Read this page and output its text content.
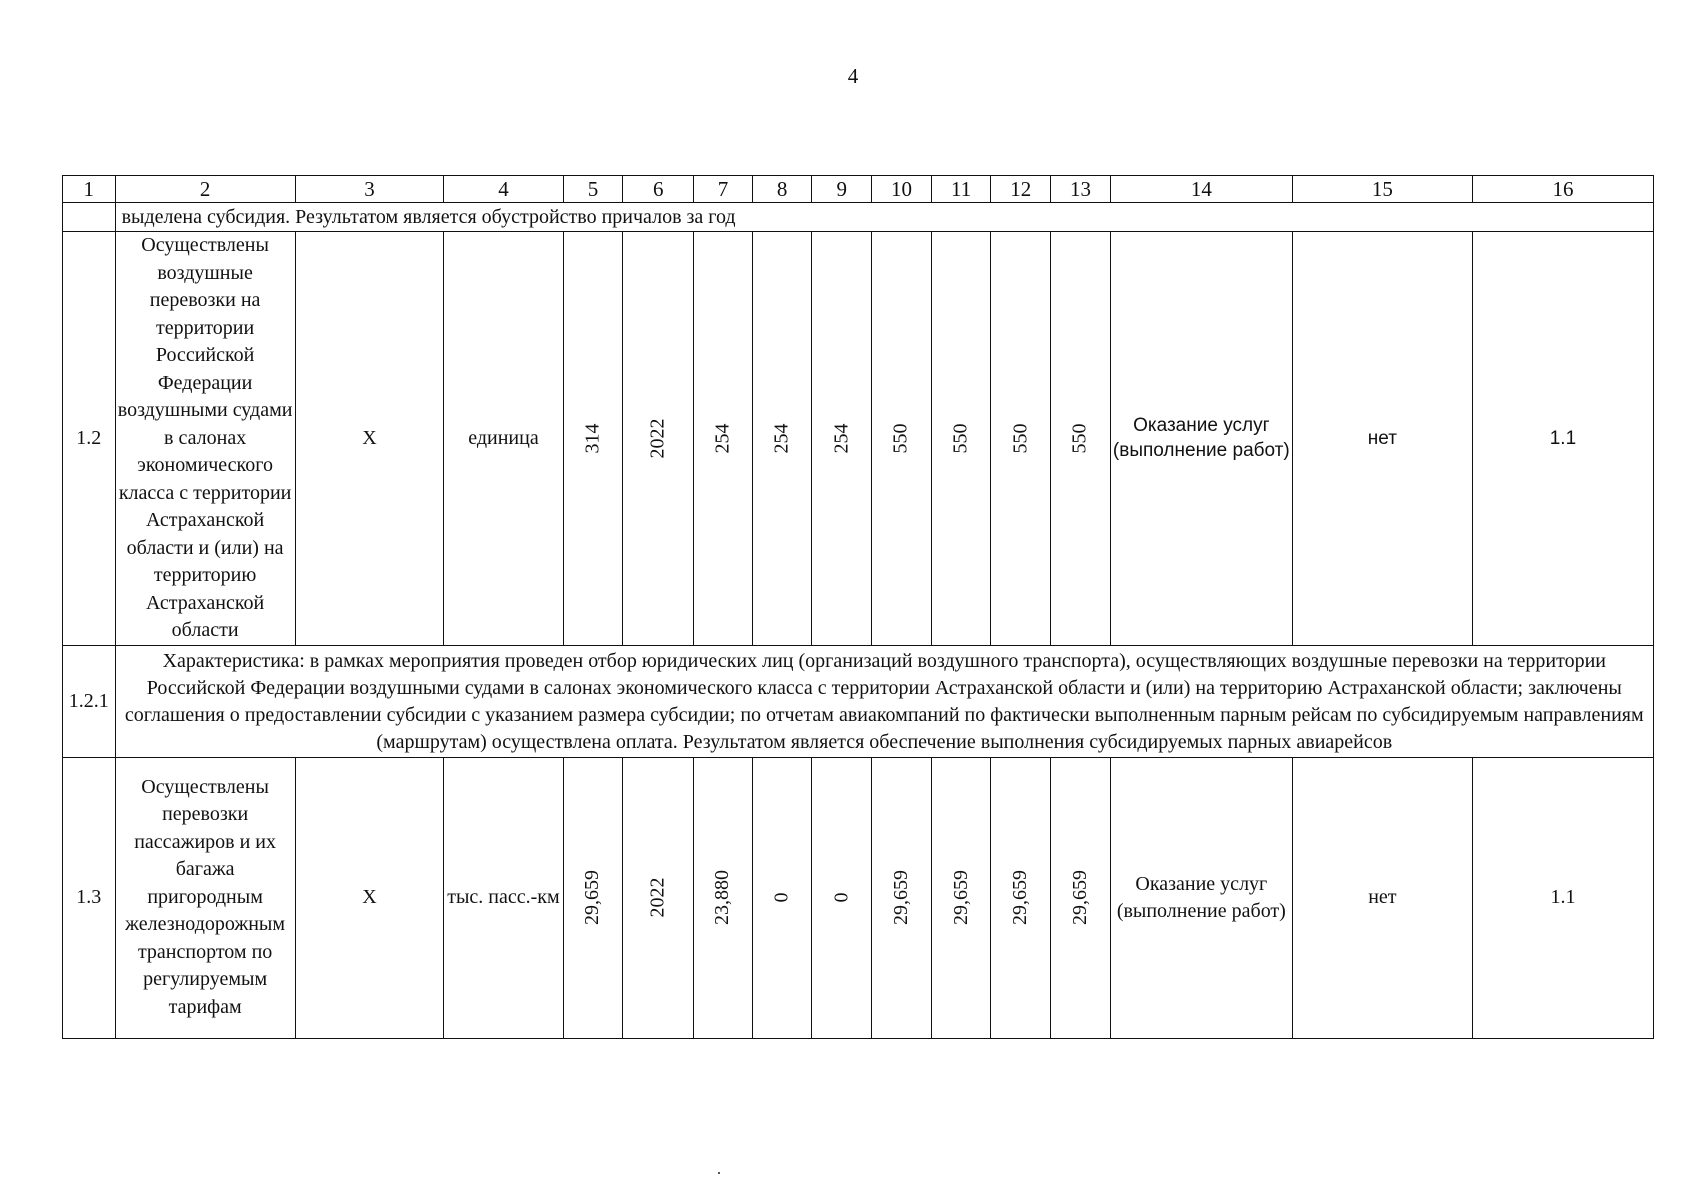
4
1	2	3	4	5	6	7	8	9	10	11	12	13	14	15	16
	выделена субсидия. Результатом является обустройство причалов за год														
1.2	Осуществлены воздушные перевозки на территории Российской Федерации воздушными судами в салонах экономического класса с территории Астраханской области и (или) на территорию Астраханской области	Х	единица	314	2022	254	254	254	550	550	550	550	Оказание услуг (выполнение работ)	нет	1.1
1.2.1	Характеристика: в рамках мероприятия проведен отбор юридических лиц (организаций воздушного транспорта), осуществляющих воздушные перевозки на территории Российской Федерации воздушными судами в салонах экономического класса с территории Астраханской области и (или) на территорию Астраханской области; заключены соглашения о предоставлении субсидии с указанием размера субсидии; по отчетам авиакомпаний по фактически выполненным парным рейсам по субсидируемым направлениям (маршрутам) осуществлена оплата. Результатом является обеспечение выполнения субсидируемых парных авиарейсов														
1.3	Осуществлены перевозки пассажиров и их багажа пригородным железнодорожным транспортом по регулируемым тарифам	Х	тыс. пасс.-км	29,659	2022	23,880	0	0	29,659	29,659	29,659	29,659	Оказание услуг (выполнение работ)	нет	1.1
